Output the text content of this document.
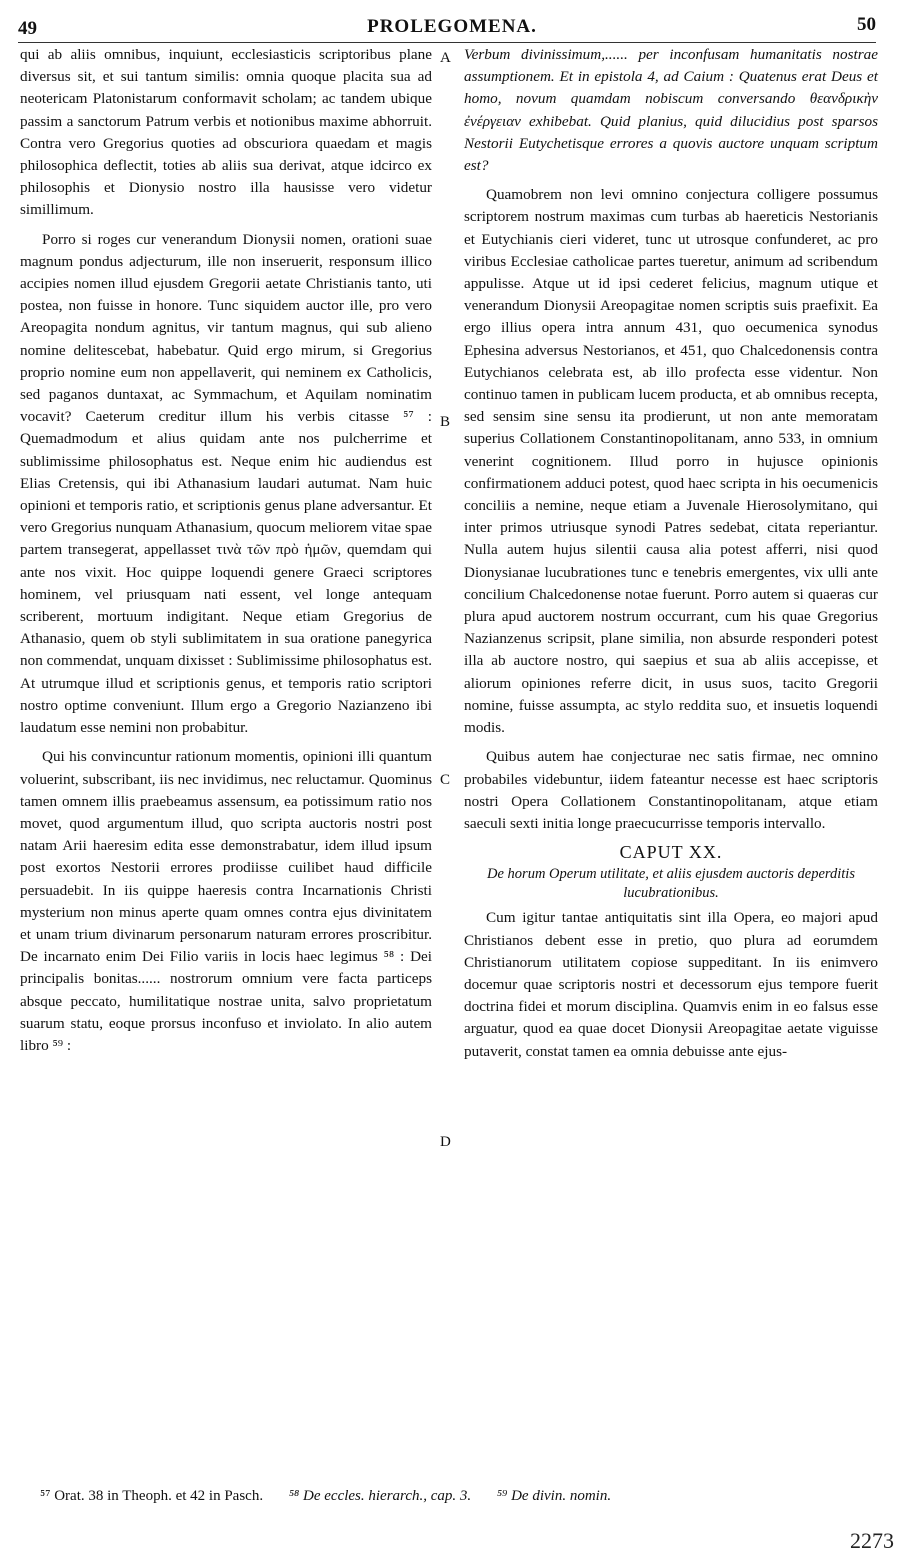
49	PROLEGOMENA.	50

qui ab aliis omnibus, inquiunt, ecclesiasticis scriptoribus plane diversus sit, et sui tantum similis: omnia quoque placita sua ad neotericam Platonistarum conformavit scholam; ac tandem ubique passim a sanctorum Patrum verbis et notionibus maxime abhorruit. Contra vero Gregorius quoties ad obscuriora quaedam et magis philosophica deflectit, toties ab aliis sua derivat, atque idcirco ex philosophis et Dionysio nostro illa hausisse vero videtur simillimum.

Porro si roges cur venerandum Dionysii nomen, orationi suae magnum pondus adjecturum, ille non inseruerit, responsum illico accipies nomen illud ejusdem Gregorii aetate Christianis tanto, uti postea, non fuisse in honore. Tunc siquidem auctor ille, pro vero Areopagita nondum agnitus, vir tantum magnus, qui sub alieno nomine delitescebat, habebatur. Quid ergo mirum, si Gregorius proprio nomine eum non appellaverit, qui neminem ex Catholicis, sed paganos duntaxat, ac Symmachum, et Aquilam nominatim vocavit? Caeterum creditur illum his verbis citasse ⁵⁷ : Quemadmodum et alius quidam ante nos pulcherrime et sublimissime philosophatus est. Neque enim hic audiendus est Elias Cretensis, qui ibi Athanasium laudari autumat. Nam huic opinioni et temporis ratio, et scriptionis genus plane adversantur. Et vero Gregorius nunquam Athanasium, quocum meliorem vitae spae partem transegerat, appellasset τινὰ τῶν πρὸ ἡμῶν, quemdam qui ante nos vixit. Hoc quippe loquendi genere Graeci scriptores hominem, vel priusquam nati essent, vel longe antequam scriberent, mortuum indigitant. Neque etiam Gregorius de Athanasio, quem ob styli sublimitatem in sua oratione panegyrica non commendat, unquam dixisset : Sublimissime philosophatus est. At utrumque illud et scriptionis genus, et temporis ratio scriptori nostro optime conveniunt. Illum ergo a Gregorio Nazianzeno ibi laudatum esse nemini non probabitur.

Qui his convincuntur rationum momentis, opinioni illi quantum voluerint, subscribant, iis nec invidimus, nec reluctamur. Quominus tamen omnem illis praebeamus assensum, ea potissimum ratio nos movet, quod argumentum illud, quo scripta auctoris nostri post natam Arii haeresim edita esse demonstrabatur, idem illud ipsum post exortos Nestorii errores prodiisse cuilibet haud difficile persuadebit. In iis quippe haeresis contra Incarnationis Christi mysterium non minus aperte quam omnes contra ejus divinitatem et unam trium divinarum personarum naturam errores proscribitur. De incarnato enim Dei Filio variis in locis haec legimus ⁵⁸ : Dei principalis bonitas...... nostrorum omnium vere facta particeps absque peccato, humilitatique nostrae unita, salvo proprietatum suarum statu, eoque prorsus inconfuso et inviolato. In alio autem libro ⁵⁹ :

A
B
C
D

Verbum divinissimum,...... per inconfusam humanitatis nostrae assumptionem. Et in epistola 4, ad Caium : Quatenus erat Deus et homo, novum quamdam nobiscum conversando θεανδρικὴν ἐνέργειαν exhibebat. Quid planius, quid dilucidius post sparsos Nestorii Eutychetisque errores a quovis auctore unquam scriptum est?

Quamobrem non levi omnino conjectura colligere possumus scriptorem nostrum maximas cum turbas ab haereticis Nestorianis et Eutychianis cieri videret, tunc ut utrosque confunderet, ac pro viribus Ecclesiae catholicae partes tueretur, animum ad scribendum appulisse. Atque ut id ipsi cederet felicius, magnum utique et venerandum Dionysii Areopagitae nomen scriptis suis praefixit. Ea ergo illius opera intra annum 431, quo oecumenica synodus Ephesina adversus Nestorianos, et 451, quo Chalcedonensis contra Eutychianos celebrata est, ab illo profecta esse videntur. Non continuo tamen in publicam lucem producta, et ab omnibus recepta, sed sensim sine sensu ita prodierunt, ut non ante memoratam superius Collationem Constantinopolitanam, anno 533, in omnium venerint cognitionem. Illud porro in hujusce opinionis confirmationem adduci potest, quod haec scripta in his oecumenicis conciliis a nemine, neque etiam a Juvenale Hierosolymitano, qui inter primos utriusque synodi Patres sedebat, citata reperiantur. Nulla autem hujus silentii causa alia potest afferri, nisi quod Dionysianae lucubrationes tunc e tenebris emergentes, vix ulli ante concilium Chalcedonense notae fuerunt. Porro autem si quaeras cur plura apud auctorem nostrum occurrant, cum his quae Gregorius Nazianzenus scripsit, plane similia, non absurde responderi potest illa ab auctore nostro, qui saepius et sua ab aliis accepisse, et aliorum opiniones referre dicit, in usus suos, tacito Gregorii nomine, fuisse assumpta, ac stylo reddita suo, et insuetis loquendi modis.

Quibus autem hae conjecturae nec satis firmae, nec omnino probabiles videbuntur, iidem fateantur necesse est haec scriptoris nostri Opera Collationem Constantinopolitanam, atque etiam saeculi sexti initia longe praecucurrisse temporis intervallo.

CAPUT XX.
De horum Operum utilitate, et aliis ejusdem auctoris deperditis lucubrationibus.

Cum igitur tantae antiquitatis sint illa Opera, eo majori apud Christianos debent esse in pretio, quo plura ad eorumdem Christianorum utilitatem copiose suppeditant. In iis enimvero docemur quae scriptoris nostri et decessorum ejus tempore fuerit doctrina fidei et morum disciplina. Quamvis enim in eo falsus esse arguatur, quod ea quae docet Dionysii Areopagitae aetate viguisse putaverit, constat tamen ea omnia debuisse ante ejus-

⁵⁷ Orat. 38 in Theoph. et 42 in Pasch. ⁵⁸ De eccles. hierarch., cap. 3. ⁵⁹ De divin. nomin.
2273
